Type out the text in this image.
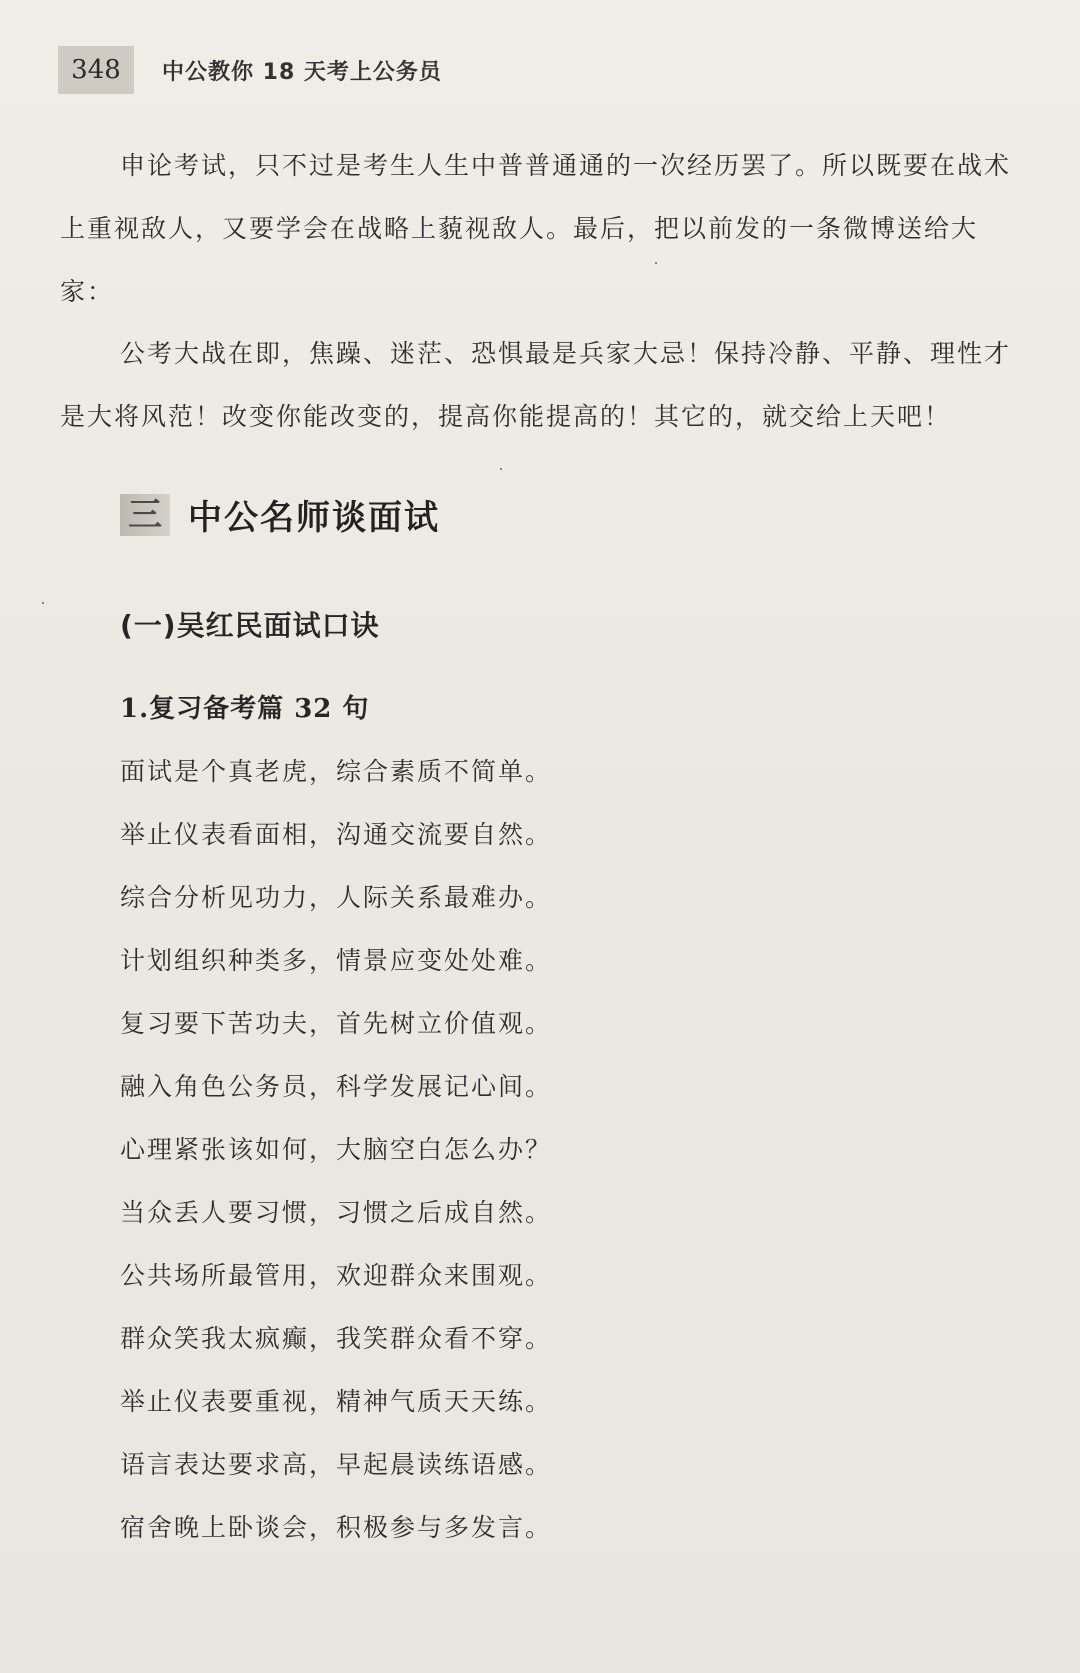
348	中公教你 18 天考上公务员

申论考试，只不过是考生人生中普普通通的一次经历罢了。所以既要在战术上重视敌人，又要学会在战略上藐视敌人。最后，把以前发的一条微博送给大家：

公考大战在即，焦躁、迷茫、恐惧最是兵家大忌！保持冷静、平静、理性才是大将风范！改变你能改变的，提高你能提高的！其它的，就交给上天吧！

三 中公名师谈面试
(一)吴红民面试口诀
1.复习备考篇 32 句
面试是个真老虎，综合素质不简单。
举止仪表看面相，沟通交流要自然。
综合分析见功力，人际关系最难办。
计划组织种类多，情景应变处处难。
复习要下苦功夫，首先树立价值观。
融入角色公务员，科学发展记心间。
心理紧张该如何，大脑空白怎么办？
当众丢人要习惯，习惯之后成自然。
公共场所最管用，欢迎群众来围观。
群众笑我太疯癫，我笑群众看不穿。
举止仪表要重视，精神气质天天练。
语言表达要求高，早起晨读练语感。
宿舍晚上卧谈会，积极参与多发言。
